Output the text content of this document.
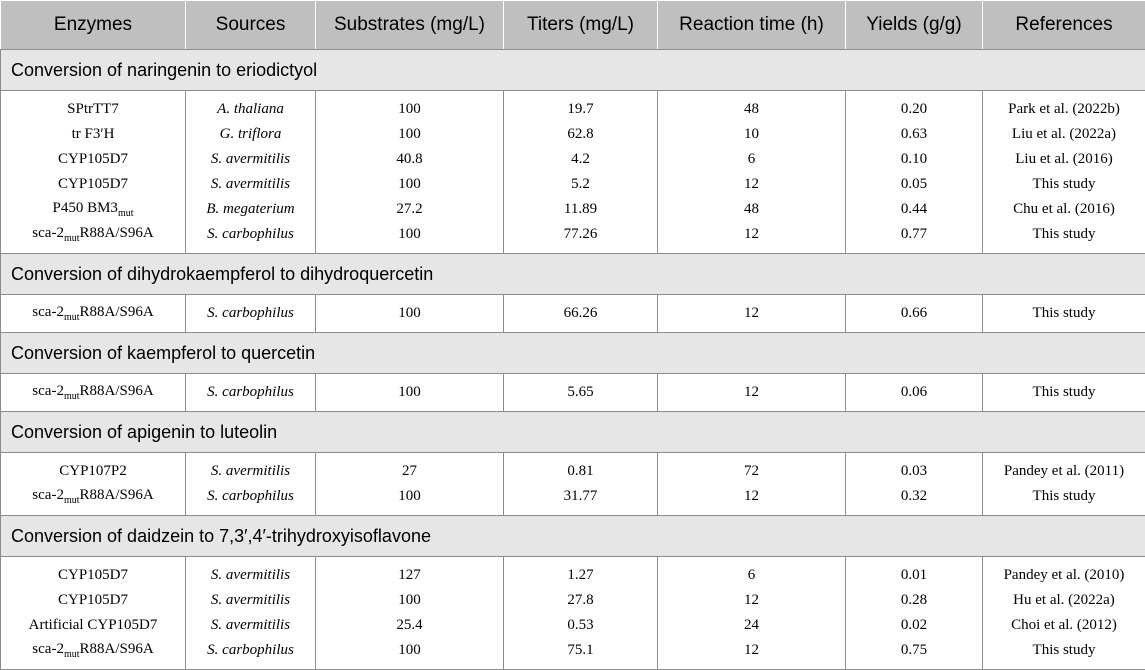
Enzymes	Sources	Substrates (mg/L)	Titers (mg/L)	Reaction time (h)	Yields (g/g)	References
Conversion of naringenin to eriodictyol						
SPtrTT7	A. thaliana	100	19.7	48	0.20	Park et al. (2022b)
tr F3′H	G. triflora	100	62.8	10	0.63	Liu et al. (2022a)
CYP105D7	S. avermitilis	40.8	4.2	6	0.10	Liu et al. (2016)
CYP105D7	S. avermitilis	100	5.2	12	0.05	This study
P450 $BM3_{mut}$	B. megaterium	27.2	11.89	48	0.44	Chu et al. (2016)
sca-$2_{mut}R88A/S96A$	S. carbophilus	100	77.26	12	0.77	This study
Conversion of dihydrokaempferol to dihydroquercetin						
sca-$2_{mut}R88A/S96A$	S. carbophilus	100	66.26	12	0.66	This study
Conversion of kaempferol to quercetin						
sca-$2_{mut}R88A/S96A$	S. carbophilus	100	5.65	12	0.06	This study
Conversion of apigenin to luteolin						
CYP107P2	S. avermitilis	27	0.81	72	0.03	Pandey et al. (2011)
sca-$2_{mut}R88A/S96A$	S. carbophilus	100	31.77	12	0.32	This study
Conversion of daidzein to 7,3′,4′-trihydroxyisoflavone						
CYP105D7	S. avermitilis	127	1.27	6	0.01	Pandey et al. (2010)
CYP105D7	S. avermitilis	100	27.8	12	0.28	Hu et al. (2022a)
Artificial CYP105D7	S. avermitilis	25.4	0.53	24	0.02	Choi et al. (2012)
sca-$2_{mut}R88A/S96A$	S. carbophilus	100	75.1	12	0.75	This study
